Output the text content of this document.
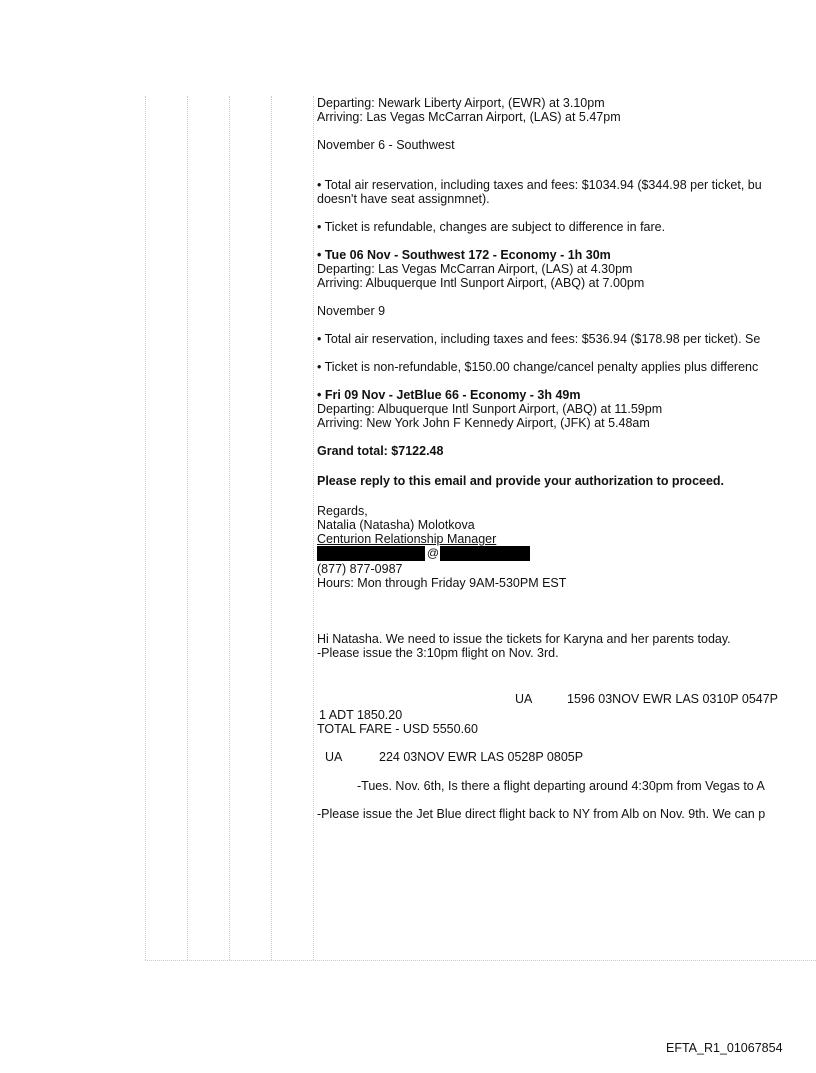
Departing: Newark Liberty Airport, (EWR) at 3.10pm
Arriving: Las Vegas McCarran Airport, (LAS) at 5.47pm
November 6 - Southwest
• Total air reservation, including taxes and fees: $1034.94 ($344.98 per ticket, bu
doesn't have seat assignmnet).
• Ticket is refundable, changes are subject to difference in fare.
• Tue 06 Nov - Southwest 172 - Economy - 1h 30m
Departing: Las Vegas McCarran Airport, (LAS) at 4.30pm
Arriving: Albuquerque Intl Sunport Airport, (ABQ) at 7.00pm
November 9
• Total air reservation, including taxes and fees: $536.94 ($178.98 per ticket). Se
• Ticket is non-refundable, $150.00 change/cancel penalty applies plus differenc
• Fri 09 Nov - JetBlue 66 - Economy - 3h 49m
Departing: Albuquerque Intl Sunport Airport, (ABQ) at 11.59pm
Arriving: New York John F Kennedy Airport, (JFK) at 5.48am
Grand total: $7122.48
Please reply to this email and provide your authorization to proceed.
Regards,
Natalia (Natasha) Molotkova
Centurion Relationship Manager
@
(877) 877-0987
Hours: Mon through Friday 9AM-530PM EST
Hi Natasha. We need to issue the tickets for Karyna and her parents today.
-Please issue the 3:10pm flight on Nov. 3rd.
UA	1596 03NOV EWR LAS 0310P 0547P
1 ADT 1850.20
TOTAL FARE - USD 5550.60
UA	224 03NOV EWR LAS 0528P 0805P
-Tues. Nov. 6th, Is there a flight departing around 4:30pm from Vegas to A
-Please issue the Jet Blue direct flight back to NY from Alb on Nov. 9th. We can p
EFTA_R1_01067854
